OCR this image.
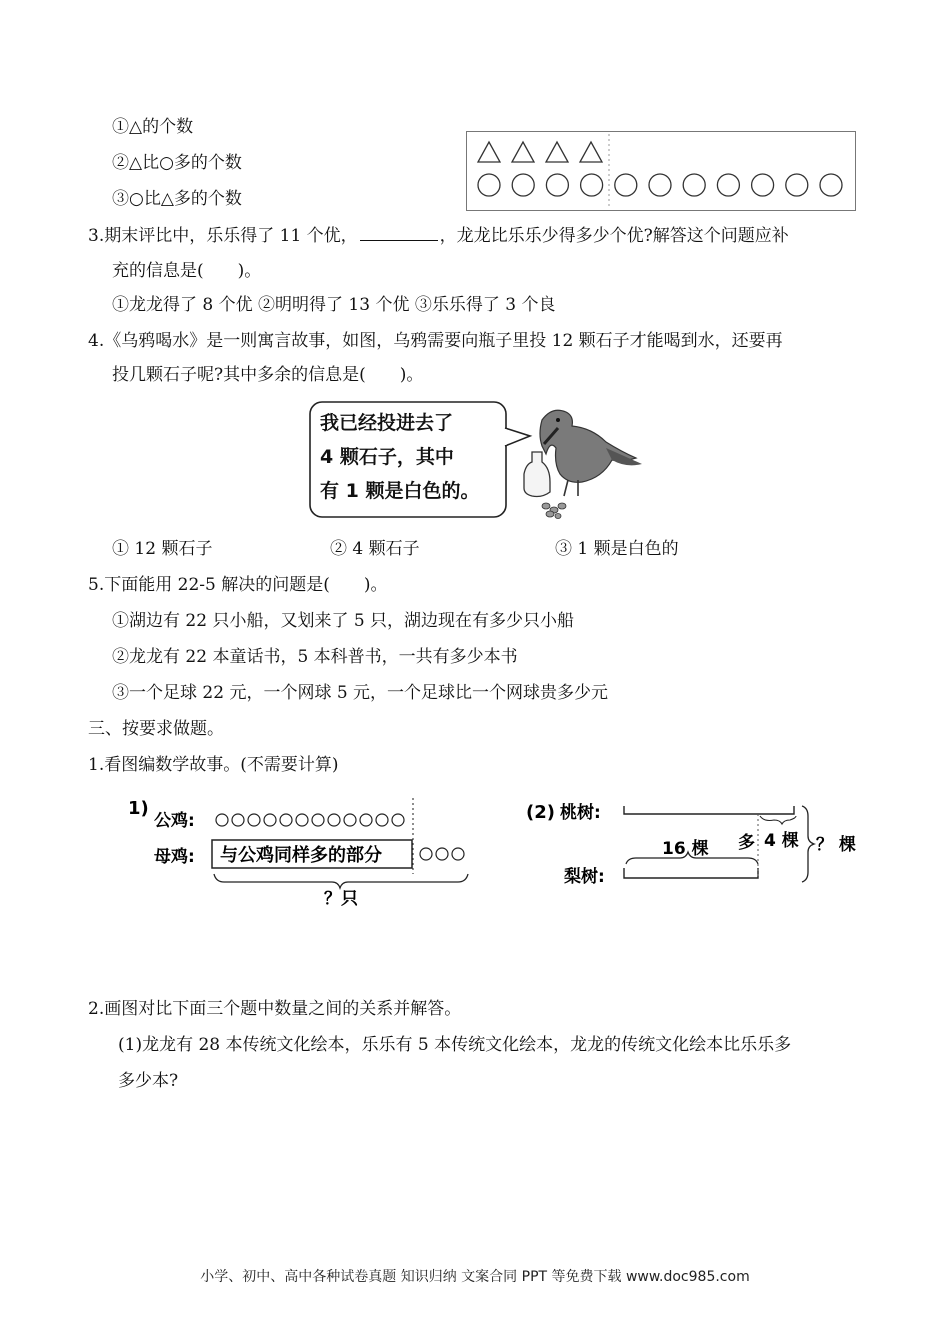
①△的个数
②△比○多的个数
③○比△多的个数
3.期末评比中，乐乐得了 11 个优，	，龙龙比乐乐少得多少个优?解答这个问题应补
充的信息是(　　)。
①龙龙得了 8 个优 ②明明得了 13 个优 ③乐乐得了 3 个良
4.《乌鸦喝水》是一则寓言故事，如图，乌鸦需要向瓶子里投 12 颗石子才能喝到水，还要再
投几颗石子呢?其中多余的信息是(　　)。
我已经投进去了
4 颗石子，其中
有 1 颗是白色的。
① 12 颗石子	② 4 颗石子	③ 1 颗是白色的
5.下面能用 22-5 解决的问题是(　　)。
①湖边有 22 只小船，又划来了 5 只，湖边现在有多少只小船
②龙龙有 22 本童话书，5 本科普书，一共有多少本书
③一个足球 22 元，一个网球 5 元，一个足球比一个网球贵多少元
三、按要求做题。
1.看图编数学故事。(不需要计算)
1)
公鸡:
母鸡: 与公鸡同样多的部分
？只
(2) 桃树:
梨树:
16 棵 多 4 棵 ？ 棵
2.画图对比下面三个题中数量之间的关系并解答。
(1)龙龙有 28 本传统文化绘本，乐乐有 5 本传统文化绘本，龙龙的传统文化绘本比乐乐多
多少本?
小学、初中、高中各种试卷真题 知识归纳 文案合同 PPT 等免费下载 www.doc985.com
